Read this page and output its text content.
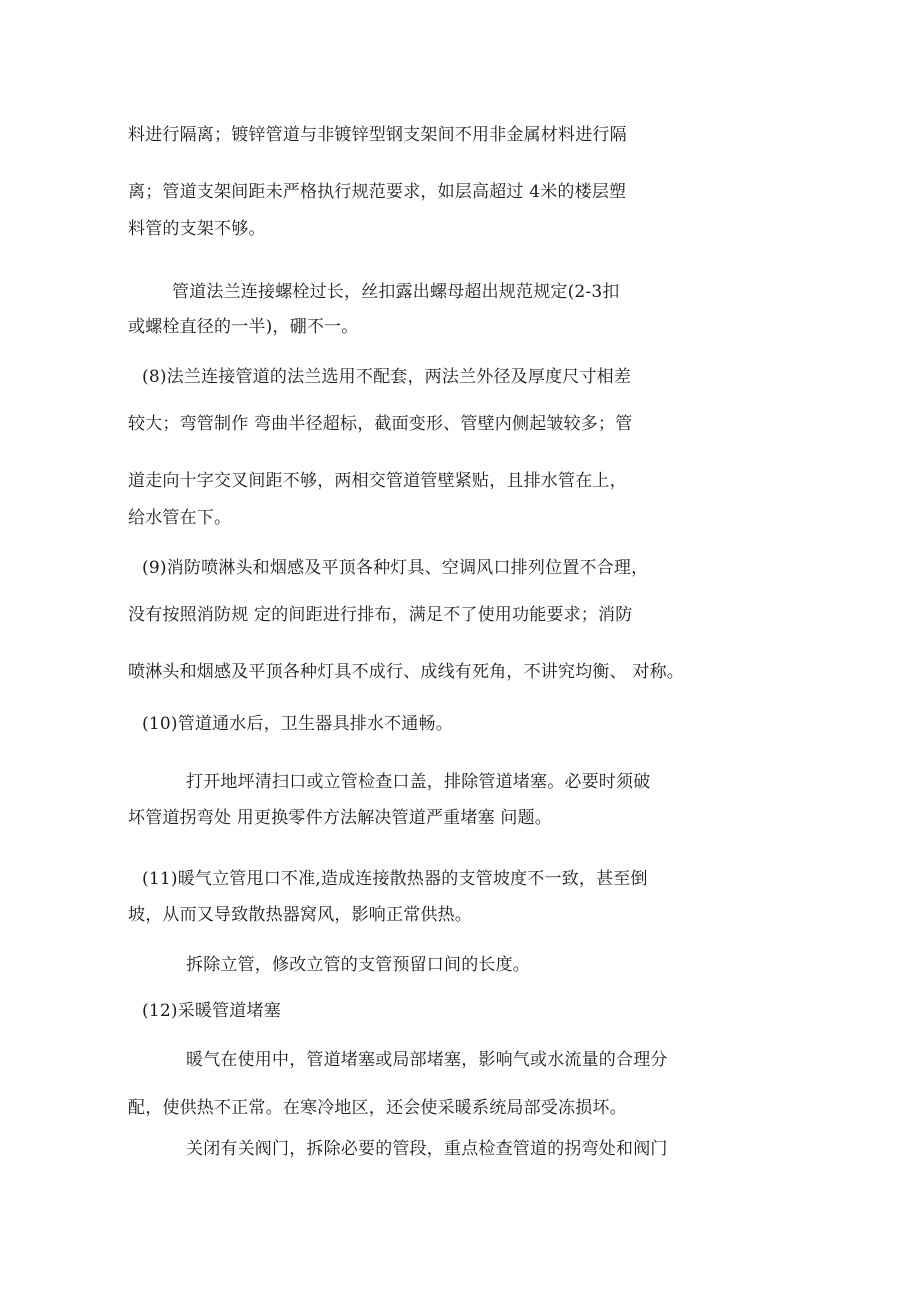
料进行隔离；镀锌管道与非镀锌型钢支架间不用非金属材料进行隔
离；管道支架间距未严格执行规范要求，如层高超过 4米的楼层塑
料管的支架不够。
管道法兰连接螺栓过长，丝扣露出螺母超出规范规定(2-3扣
或螺栓直径的一半)，硼不一。
(8)法兰连接管道的法兰选用不配套，两法兰外径及厚度尺寸相差
较大；弯管制作 弯曲半径超标，截面变形、管壁内侧起皱较多；管
道走向十字交叉间距不够，两相交管道管壁紧贴，且排水管在上，
给水管在下。
(9)消防喷淋头和烟感及平顶各种灯具、空调风口排列位置不合理，
没有按照消防规 定的间距进行排布，满足不了使用功能要求；消防
喷淋头和烟感及平顶各种灯具不成行、成线有死角，不讲究均衡、 对称。
(10)管道通水后，卫生器具排水不通畅。
打开地坪清扫口或立管检查口盖，排除管道堵塞。必要时须破
坏管道拐弯处 用更换零件方法解决管道严重堵塞 问题。
(11)暖气立管甩口不准,造成连接散热器的支管坡度不一致，甚至倒
坡，从而又导致散热器窝风，影响正常供热。
拆除立管，修改立管的支管预留口间的长度。
(12)采暖管道堵塞
暖气在使用中，管道堵塞或局部堵塞，影响气或水流量的合理分
配，使供热不正常。在寒冷地区，还会使采暖系统局部受冻损坏。
关闭有关阀门，拆除必要的管段，重点检查管道的拐弯处和阀门
